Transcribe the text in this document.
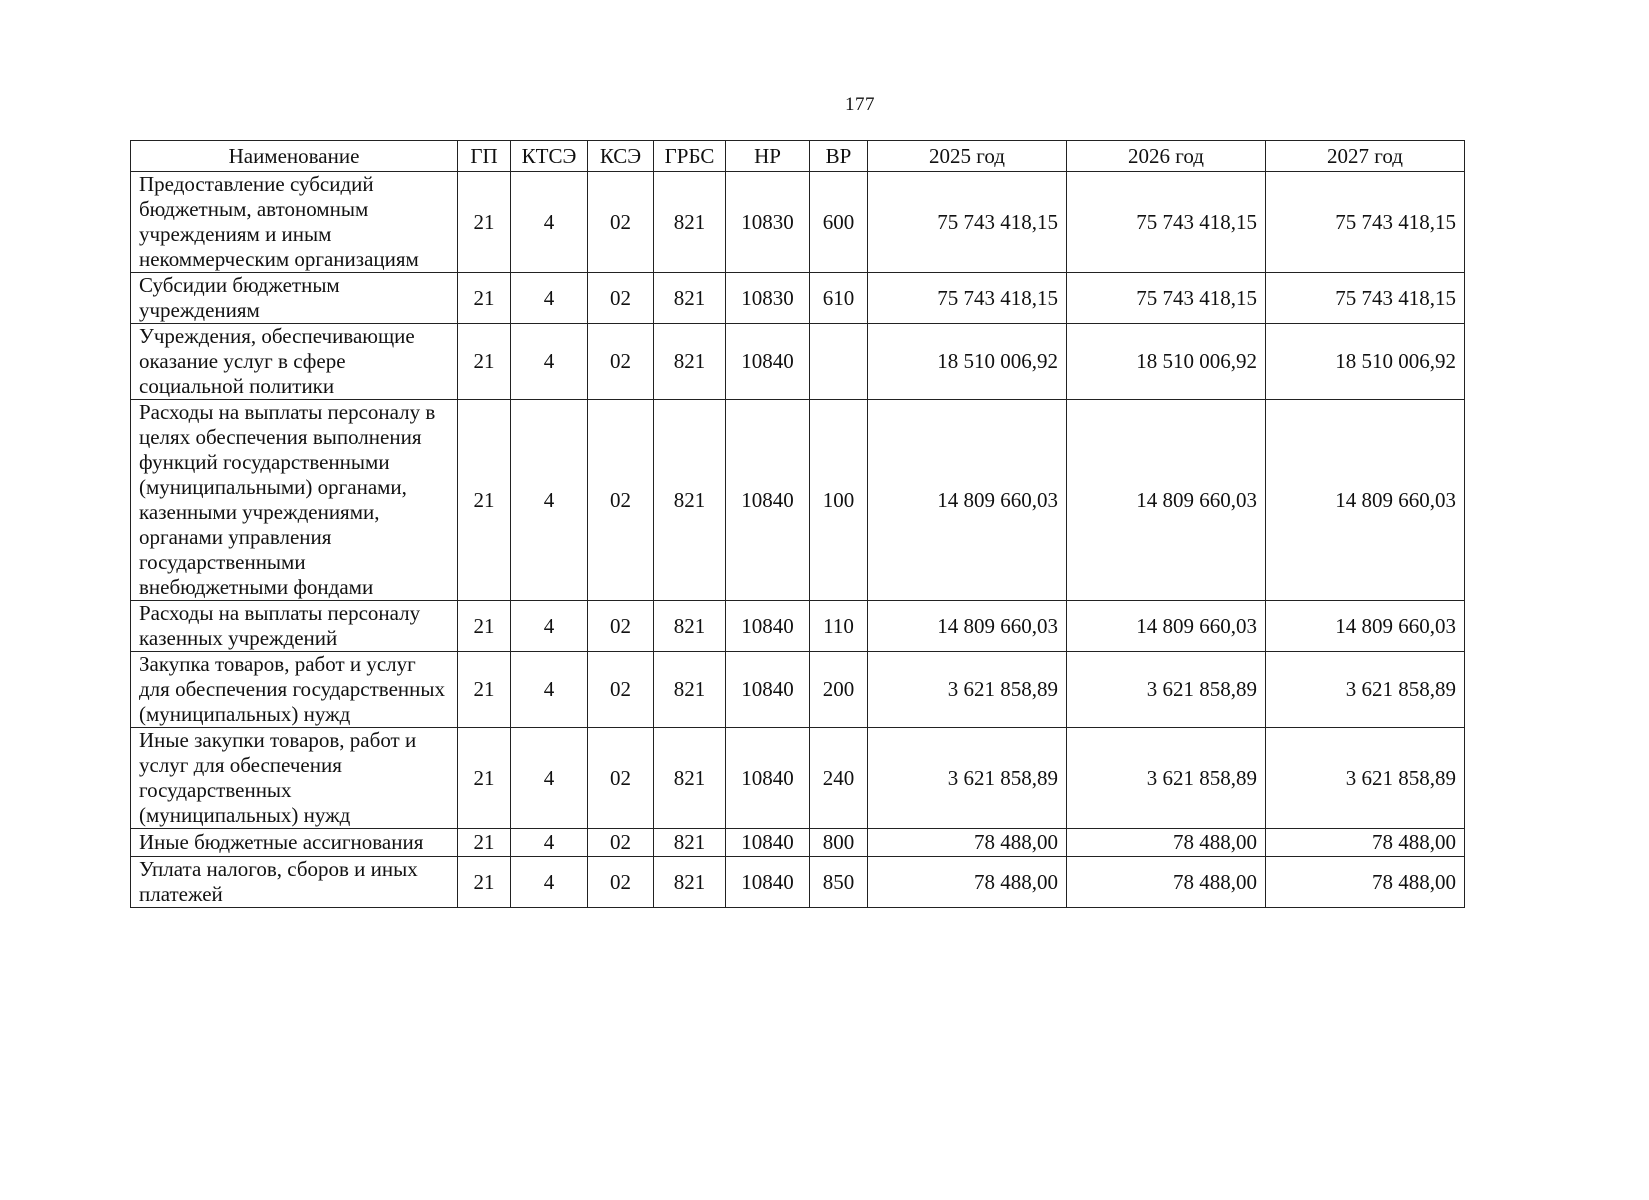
177
Наименование	ГП	КТСЭ	КСЭ	ГРБС	НР	ВР	2025 год	2026 год	2027 год
Предоставление субсидий бюджетным, автономным учреждениям и иным некоммерческим организациям	21	4	02	821	10830	600	75 743 418,15	75 743 418,15	75 743 418,15
Субсидии бюджетным учреждениям	21	4	02	821	10830	610	75 743 418,15	75 743 418,15	75 743 418,15
Учреждения, обеспечивающие оказание услуг в сфере социальной политики	21	4	02	821	10840		18 510 006,92	18 510 006,92	18 510 006,92
Расходы на выплаты персоналу в целях обеспечения выполнения функций государственными (муниципальными) органами, казенными учреждениями, органами управления государственными внебюджетными фондами	21	4	02	821	10840	100	14 809 660,03	14 809 660,03	14 809 660,03
Расходы на выплаты персоналу казенных учреждений	21	4	02	821	10840	110	14 809 660,03	14 809 660,03	14 809 660,03
Закупка товаров, работ и услуг для обеспечения государственных (муниципальных) нужд	21	4	02	821	10840	200	3 621 858,89	3 621 858,89	3 621 858,89
Иные закупки товаров, работ и услуг для обеспечения государственных (муниципальных) нужд	21	4	02	821	10840	240	3 621 858,89	3 621 858,89	3 621 858,89
Иные бюджетные ассигнования	21	4	02	821	10840	800	78 488,00	78 488,00	78 488,00
Уплата налогов, сборов и иных платежей	21	4	02	821	10840	850	78 488,00	78 488,00	78 488,00
